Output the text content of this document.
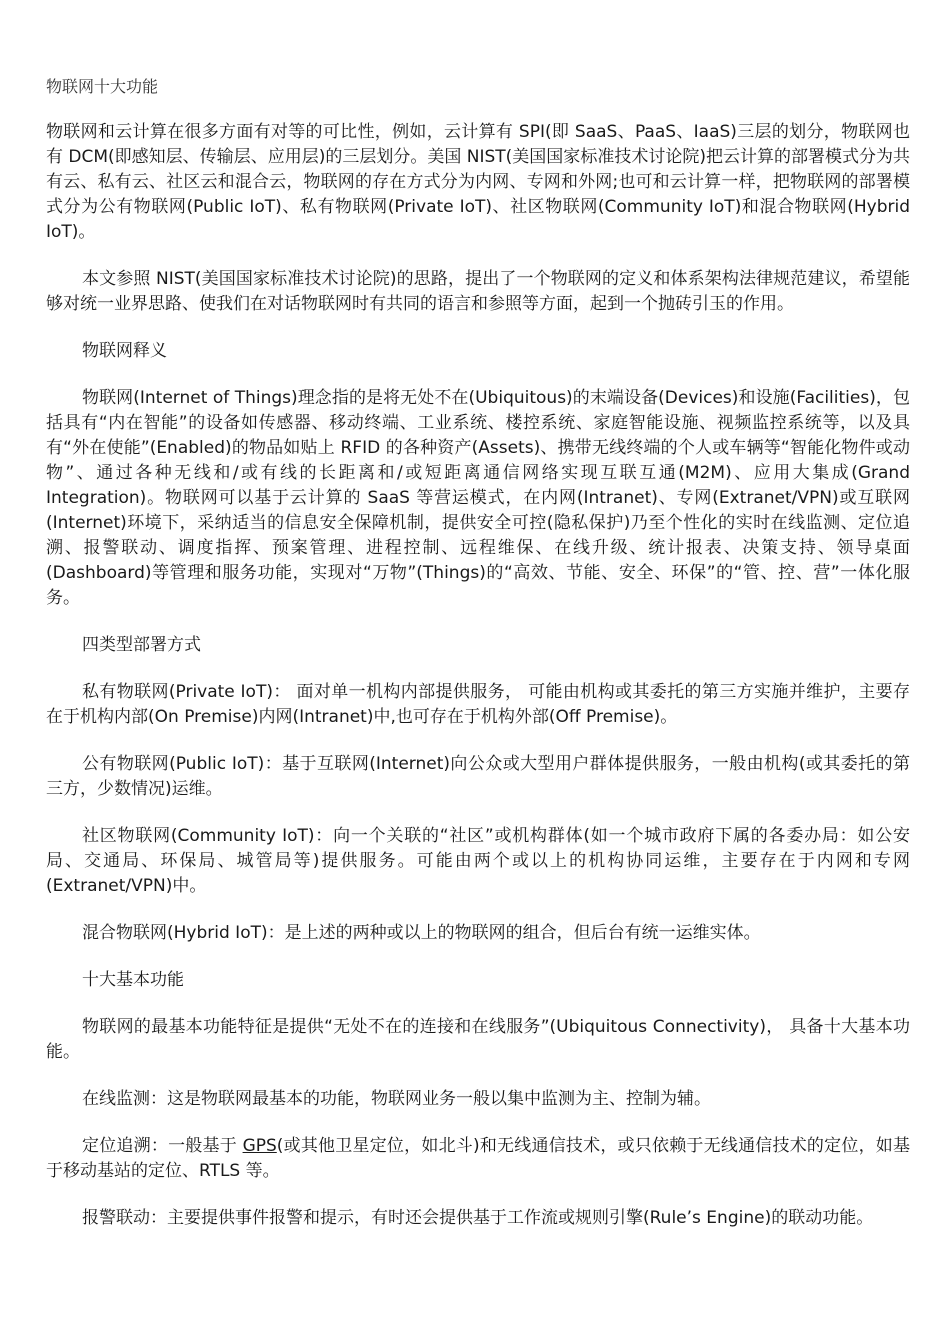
物联网十大功能

物联网和云计算在很多方面有对等的可比性，例如，云计算有 SPI(即 SaaS、PaaS、IaaS)三层的划分，物联网也有 DCM(即感知层、传输层、应用层)的三层划分。美国 NIST(美国国家标准技术讨论院)把云计算的部署模式分为共有云、私有云、社区云和混合云，物联网的存在方式分为内网、专网和外网;也可和云计算一样，把物联网的部署模式分为公有物联网(Public IoT)、私有物联网(Private IoT)、社区物联网(Community IoT)和混合物联网(Hybrid IoT)。

本文参照 NIST(美国国家标准技术讨论院)的思路，提出了一个物联网的定义和体系架构法律规范建议，希望能够对统一业界思路、使我们在对话物联网时有共同的语言和参照等方面，起到一个抛砖引玉的作用。

物联网释义

物联网(Internet of Things)理念指的是将无处不在(Ubiquitous)的末端设备(Devices)和设施(Facilities)，包括具有“内在智能”的设备如传感器、移动终端、工业系统、楼控系统、家庭智能设施、视频监控系统等，以及具有“外在使能”(Enabled)的物品如贴上 RFID 的各种资产(Assets)、携带无线终端的个人或车辆等“智能化物件或动物”、通过各种无线和/或有线的长距离和/或短距离通信网络实现互联互通(M2M)、应用大集成(Grand Integration)。物联网可以基于云计算的 SaaS 等营运模式，在内网(Intranet)、专网(Extranet/VPN)或互联网(Internet)环境下，采纳适当的信息安全保障机制，提供安全可控(隐私保护)乃至个性化的实时在线监测、定位追溯、报警联动、调度指挥、预案管理、进程控制、远程维保、在线升级、统计报表、决策支持、领导桌面(Dashboard)等管理和服务功能，实现对“万物”(Things)的“高效、节能、安全、环保”的“管、控、营”一体化服务。

四类型部署方式

私有物联网(Private IoT)： 面对单一机构内部提供服务， 可能由机构或其委托的第三方实施并维护，主要存在于机构内部(On Premise)内网(Intranet)中,也可存在于机构外部(Off Premise)。

公有物联网(Public IoT)：基于互联网(Internet)向公众或大型用户群体提供服务，一般由机构(或其委托的第三方，少数情况)运维。

社区物联网(Community IoT)：向一个关联的“社区”或机构群体(如一个城市政府下属的各委办局：如公安局、交通局、环保局、城管局等)提供服务。可能由两个或以上的机构协同运维，主要存在于内网和专网(Extranet/VPN)中。

混合物联网(Hybrid IoT)：是上述的两种或以上的物联网的组合，但后台有统一运维实体。

十大基本功能

物联网的最基本功能特征是提供“无处不在的连接和在线服务”(Ubiquitous Connectivity)， 具备十大基本功能。

在线监测：这是物联网最基本的功能，物联网业务一般以集中监测为主、控制为辅。

定位追溯：一般基于 GPS(或其他卫星定位，如北斗)和无线通信技术，或只依赖于无线通信技术的定位，如基于移动基站的定位、RTLS 等。

报警联动：主要提供事件报警和提示，有时还会提供基于工作流或规则引擎(Rule’s Engine)的联动功能。
